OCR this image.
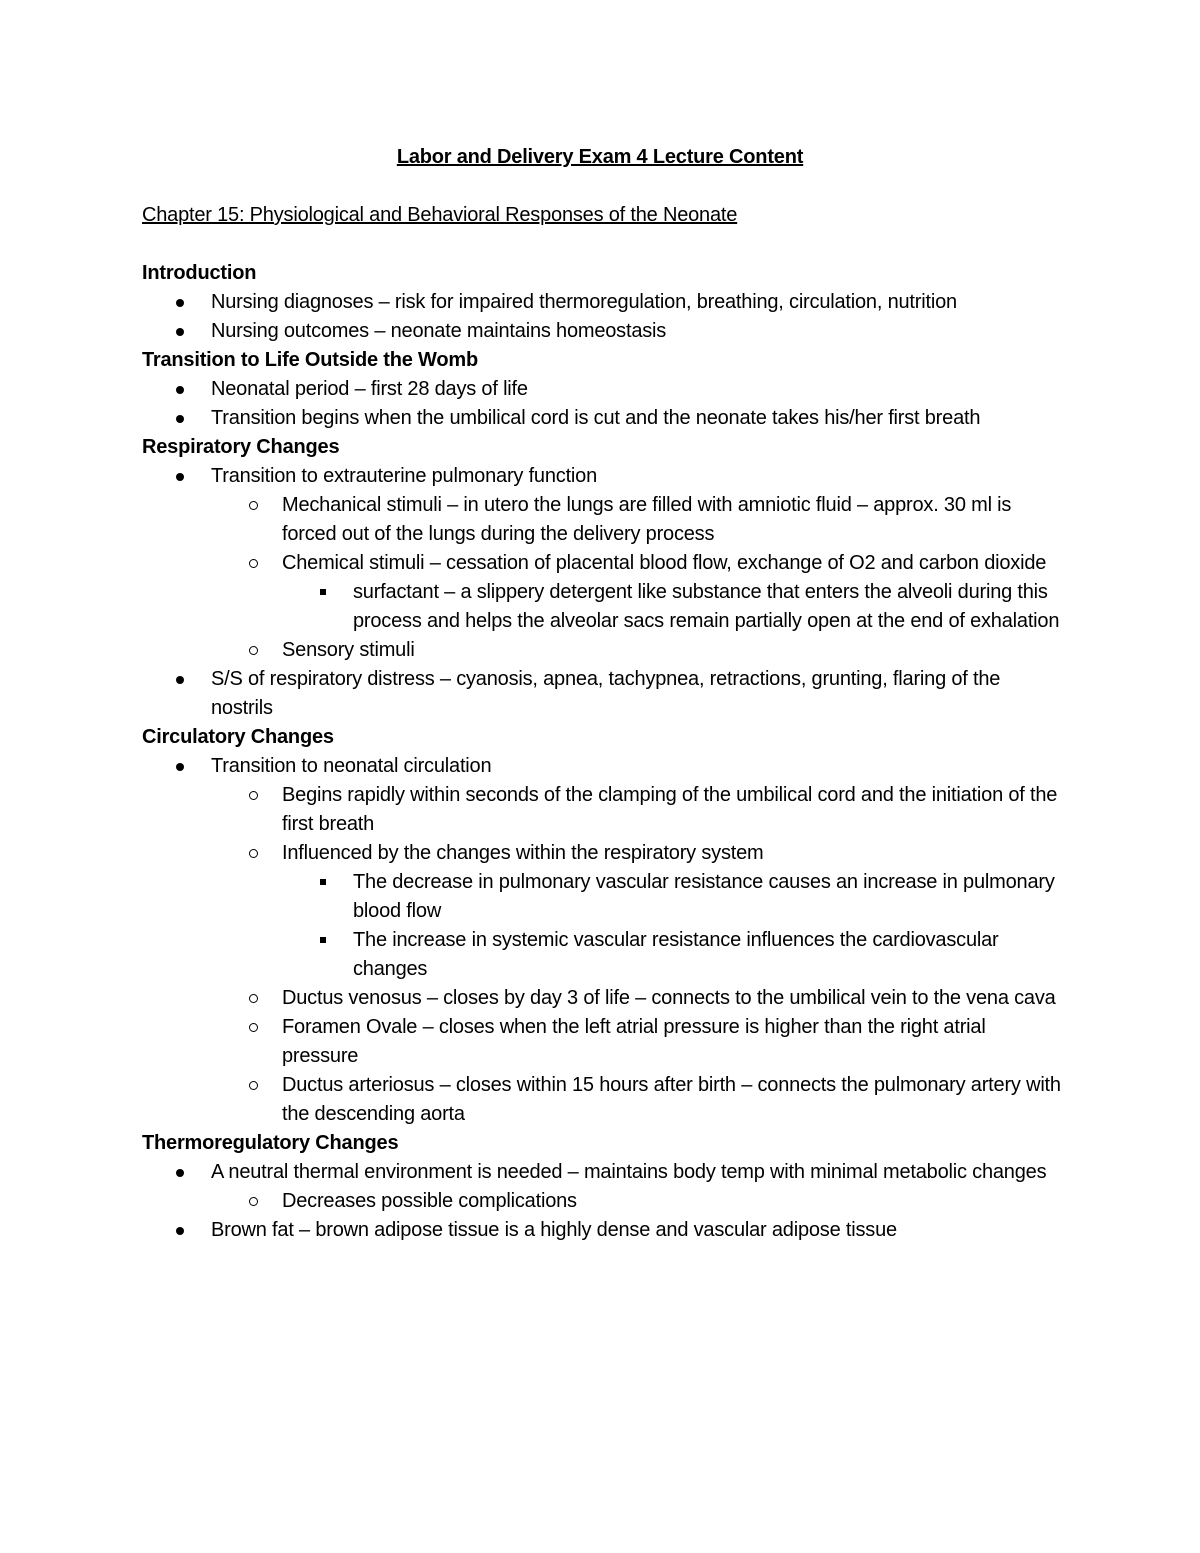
Labor and Delivery Exam 4 Lecture Content
Chapter 15: Physiological and Behavioral Responses of the Neonate
Introduction
Nursing diagnoses – risk for impaired thermoregulation, breathing, circulation, nutrition
Nursing outcomes – neonate maintains homeostasis
Transition to Life Outside the Womb
Neonatal period – first 28 days of life
Transition begins when the umbilical cord is cut and the neonate takes his/her first breath
Respiratory Changes
Transition to extrauterine pulmonary function
Mechanical stimuli – in utero the lungs are filled with amniotic fluid – approx. 30 ml is forced out of the lungs during the delivery process
Chemical stimuli – cessation of placental blood flow, exchange of O2 and carbon dioxide
surfactant – a slippery detergent like substance that enters the alveoli during this process and helps the alveolar sacs remain partially open at the end of exhalation
Sensory stimuli
S/S of respiratory distress – cyanosis, apnea, tachypnea, retractions, grunting, flaring of the nostrils
Circulatory Changes
Transition to neonatal circulation
Begins rapidly within seconds of the clamping of the umbilical cord and the initiation of the first breath
Influenced by the changes within the respiratory system
The decrease in pulmonary vascular resistance causes an increase in pulmonary blood flow
The increase in systemic vascular resistance influences the cardiovascular changes
Ductus venosus – closes by day 3 of life – connects to the umbilical vein to the vena cava
Foramen Ovale – closes when the left atrial pressure is higher than the right atrial pressure
Ductus arteriosus – closes within 15 hours after birth – connects the pulmonary artery with the descending aorta
Thermoregulatory Changes
A neutral thermal environment is needed – maintains body temp with minimal metabolic changes
Decreases possible complications
Brown fat – brown adipose tissue is a highly dense and vascular adipose tissue
